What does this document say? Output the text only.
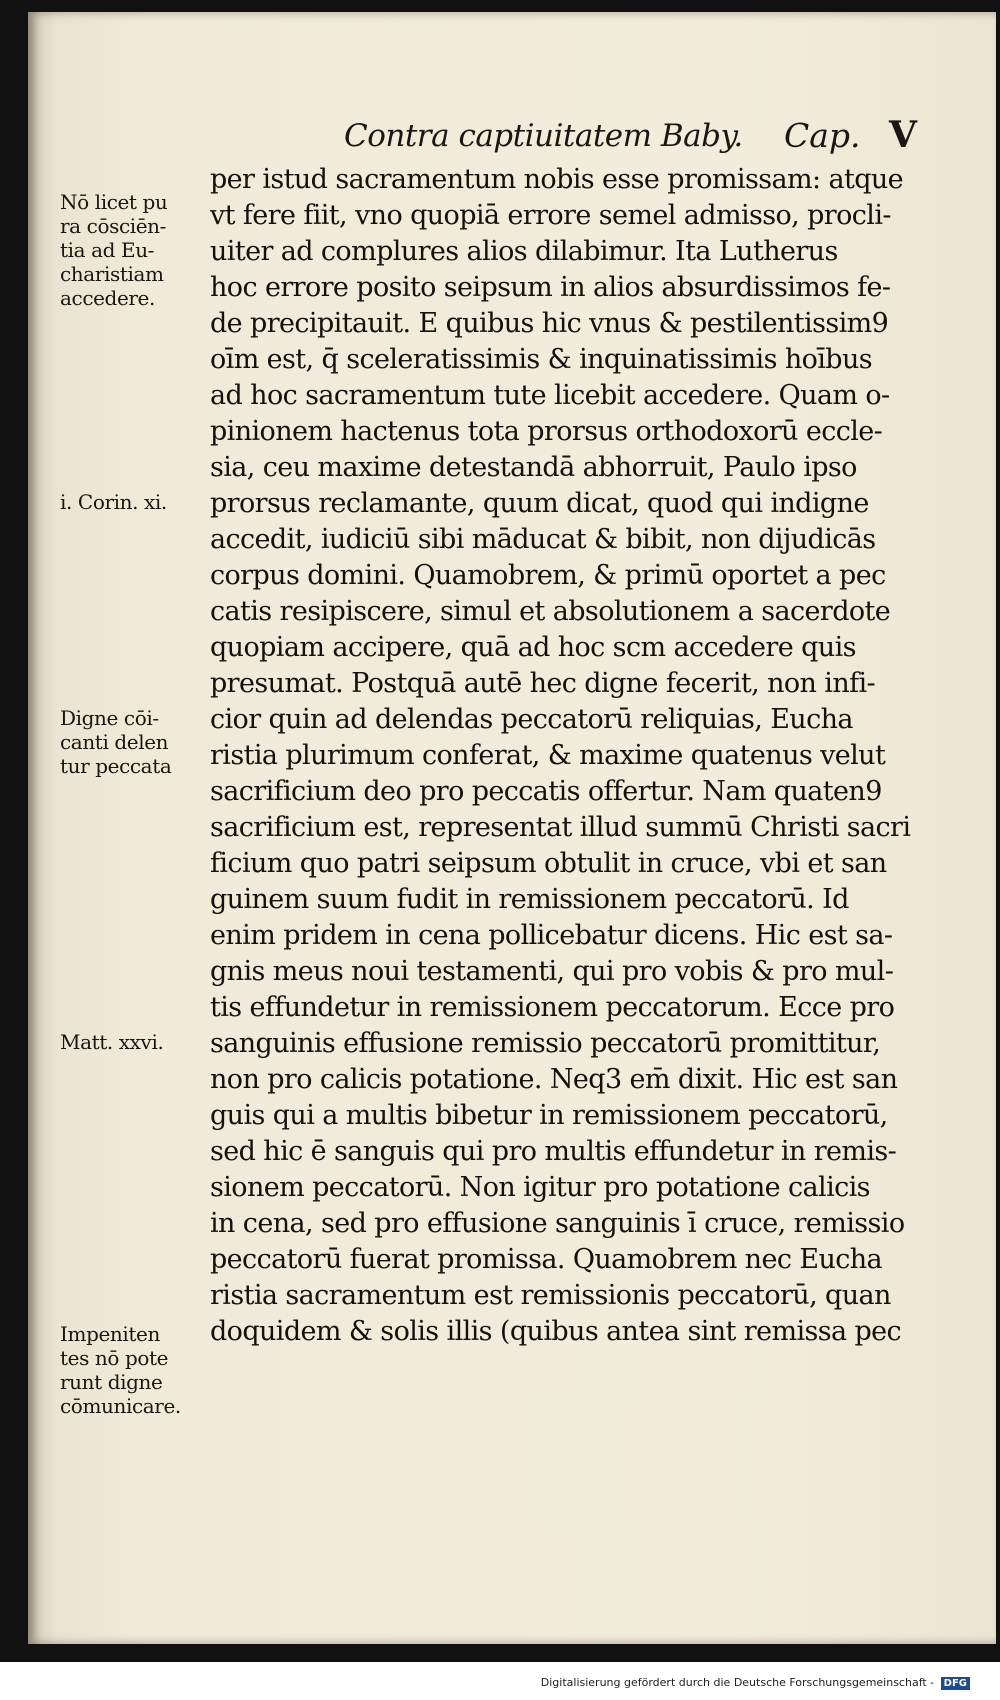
Contra captiuitatem Baby. Cap. V
per istud sacramentum nobis esse promissam: atque
vt fere fiit, vno quopiā errore semel admisso, procli-
uiter ad complures alios dilabimur. Ita Lutherus
hoc errore posito seipsum in alios absurdissimos fe-
de precipitauit. E quibus hic vnus & pestilentissim9
oīm est, q̄ sceleratissimis & inquinatissimis hoībus
ad hoc sacramentum tute licebit accedere. Quam o-
pinionem hactenus tota prorsus orthodoxorū eccle-
sia, ceu maxime detestandā abhorruit, Paulo ipso
prorsus reclamante, quum dicat, quod qui indigne
accedit, iudiciū sibi māducat & bibit, non dijudicās
corpus domini. Quamobrem, & primū oportet a pec
catis resipiscere, simul et absolutionem a sacerdote
quopiam accipere, quā ad hoc scm accedere quis
presumat. Postquā autē hec digne fecerit, non infi-
cior quin ad delendas peccatorū reliquias, Eucha
ristia plurimum conferat, & maxime quatenus velut
sacrificium deo pro peccatis offertur. Nam quaten9
sacrificium est, representat illud summū Christi sacri
ficium quo patri seipsum obtulit in cruce, vbi et san
guinem suum fudit in remissionem peccatorū. Id
enim pridem in cena pollicebatur dicens. Hic est sa-
gnis meus noui testamenti, qui pro vobis & pro mul-
tis effundetur in remissionem peccatorum. Ecce pro
sanguinis effusione remissio peccatorū promittitur,
non pro calicis potatione. Neq3 em̄ dixit. Hic est san
guis qui a multis bibetur in remissionem peccatorū,
sed hic ē sanguis qui pro multis effundetur in remis-
sionem peccatorū. Non igitur pro potatione calicis
in cena, sed pro effusione sanguinis ī cruce, remissio
peccatorū fuerat promissa. Quamobrem nec Eucha
ristia sacramentum est remissionis peccatorū, quan
doquidem & solis illis (quibus antea sint remissa pec
Nō licet pu
ra cōsciēn-
tia ad Eu-
charistiam
accedere.
i. Corin. xi.
Digne cōi-
canti delen
tur peccata
Matt. xxvi.
Impeniten
tes nō pote
runt digne
cōmunicare.
Digitalisierung gefördert durch die Deutsche Forschungsgemeinschaft - DFG
